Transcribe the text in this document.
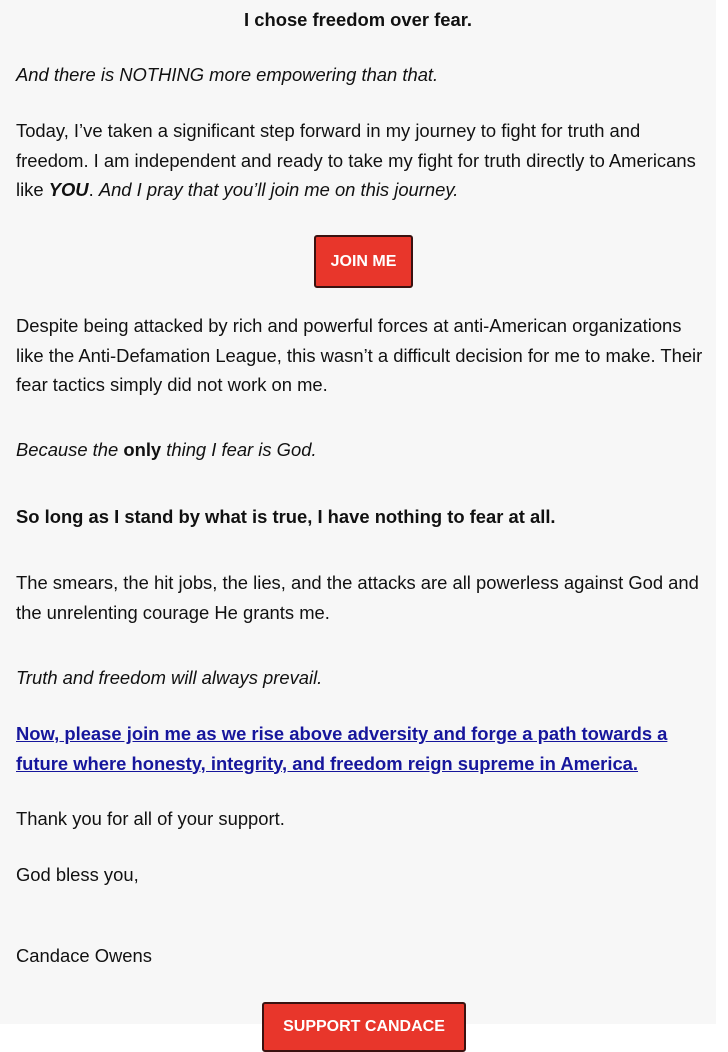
I chose freedom over fear.

And there is NOTHING more empowering than that.

Today, I’ve taken a significant step forward in my journey to fight for truth and freedom. I am independent and ready to take my fight for truth directly to Americans like YOU. And I pray that you’ll join me on this journey.

JOIN ME

Despite being attacked by rich and powerful forces at anti-American organizations like the Anti-Defamation League, this wasn’t a difficult decision for me to make. Their fear tactics simply did not work on me.

Because the only thing I fear is God.

So long as I stand by what is true, I have nothing to fear at all.

The smears, the hit jobs, the lies, and the attacks are all powerless against God and the unrelenting courage He grants me.

Truth and freedom will always prevail.

Now, please join me as we rise above adversity and forge a path towards a future where honesty, integrity, and freedom reign supreme in America.

Thank you for all of your support.

God bless you,

Candace Owens

SUPPORT CANDACE
